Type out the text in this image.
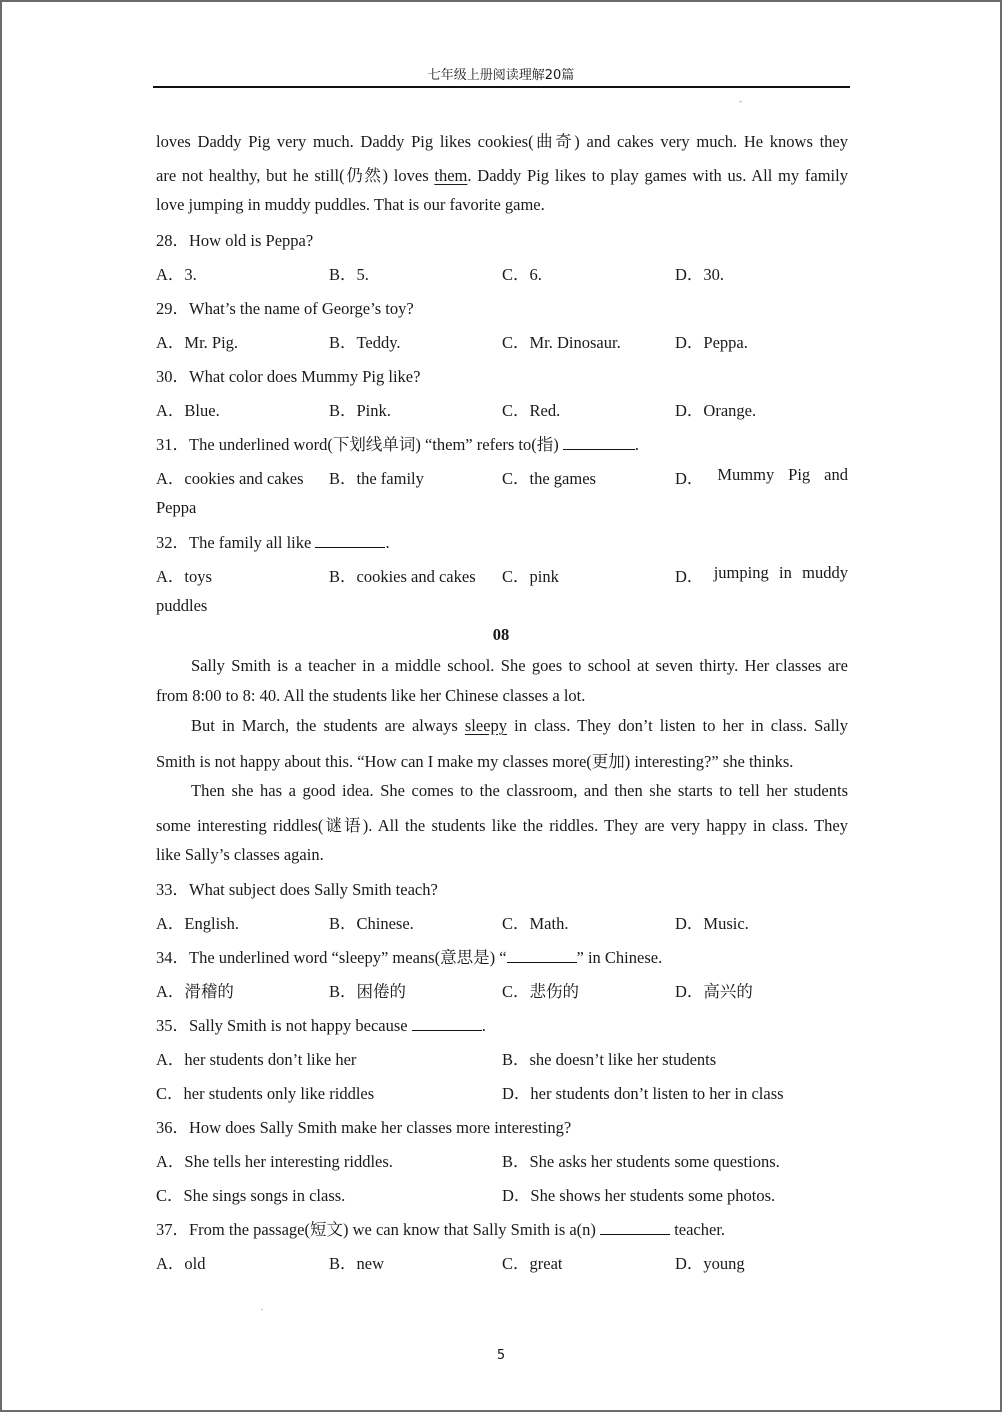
七年级上册阅读理解20篇
-
loves Daddy Pig very much. Daddy Pig likes cookies(曲奇) and cakes very much. He knows they
are not healthy, but he still(仍然) loves them. Daddy Pig likes to play games with us. All my family
love jumping in muddy puddles. That is our favorite game.
28．How old is Peppa?
A．3.	B．5.	C．6.	D．30.
29．What’s the name of George’s toy?
A．Mr. Pig.	B．Teddy.	C．Mr. Dinosaur.	D．Peppa.
30．What color does Mummy Pig like?
A．Blue.	B．Pink.	C．Red.	D．Orange.
31．The underlined word(下划线单词) “them” refers to(指)	.
A．cookies and cakes B．the family	C．the games	D． Mummy Pig and
Peppa
32．The family all like	.
A．toys	B．cookies and cakes C．pink	D． jumping in muddy
puddles
08
Sally Smith is a teacher in a middle school. She goes to school at seven thirty. Her classes are
from 8:00 to 8: 40. All the students like her Chinese classes a lot.
But in March, the students are always sleepy in class. They don’t listen to her in class. Sally
Smith is not happy about this. “How can I make my classes more(更加) interesting?” she thinks.
Then she has a good idea. She comes to the classroom, and then she starts to tell her students
some interesting riddles(谜语). All the students like the riddles. They are very happy in class. They
like Sally’s classes again.
33．What subject does Sally Smith teach?
A．English.	B．Chinese.	C．Math.	D．Music.
34．The underlined word “sleepy” means(意思是) “	” in Chinese.
A．滑稽的	B．困倦的	C．悲伤的	D．高兴的
35．Sally Smith is not happy because	.
A．her students don’t like her	B．she doesn’t like her students
C．her students only like riddles	D．her students don’t listen to her in class
36．How does Sally Smith make her classes more interesting?
A．She tells her interesting riddles.	B．She asks her students some questions.
C．She sings songs in class.	D．She shows her students some photos.
37．From the passage(短文) we can know that Sally Smith is a(n)	teacher.
A．old	B．new	C．great	D．young
.
5
